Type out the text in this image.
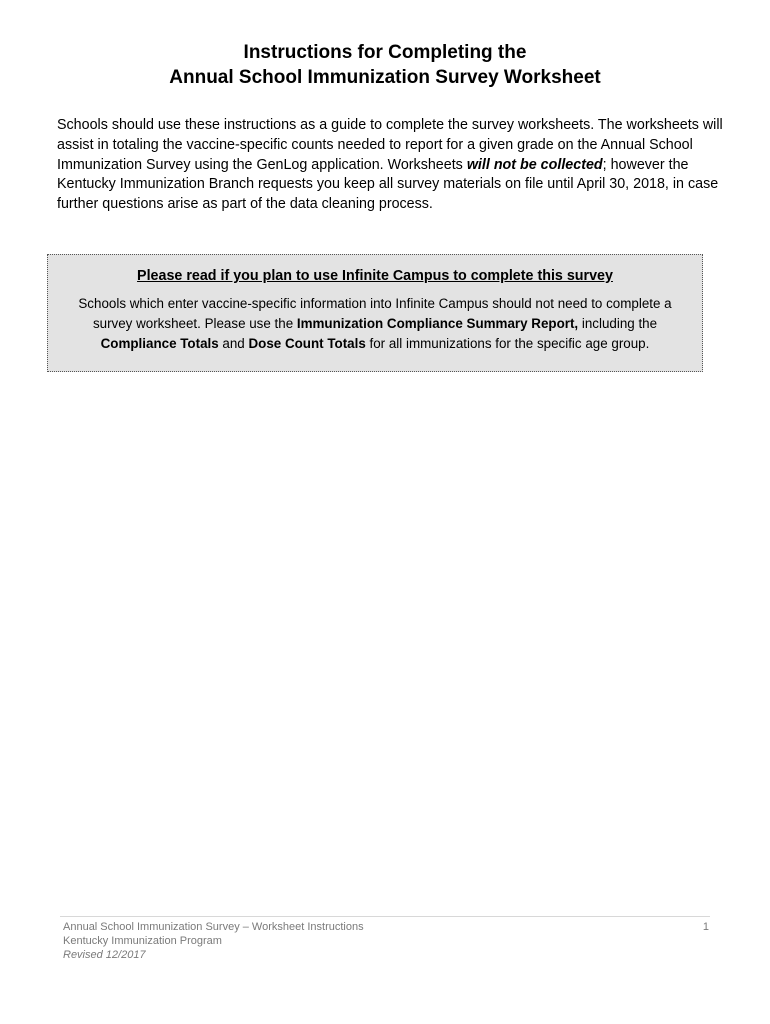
Instructions for Completing the
Annual School Immunization Survey Worksheet

Schools should use these instructions as a guide to complete the survey worksheets. The worksheets will assist in totaling the vaccine-specific counts needed to report for a given grade on the Annual School Immunization Survey using the GenLog application. Worksheets will not be collected; however the Kentucky Immunization Branch requests you keep all survey materials on file until April 30, 2018, in case further questions arise as part of the data cleaning process.

Please read if you plan to use Infinite Campus to complete this survey
Schools which enter vaccine-specific information into Infinite Campus should not need to complete a survey worksheet. Please use the Immunization Compliance Summary Report, including the Compliance Totals and Dose Count Totals for all immunizations for the specific age group.
Annual School Immunization Survey – Worksheet Instructions	1
Kentucky Immunization Program
Revised 12/2017
